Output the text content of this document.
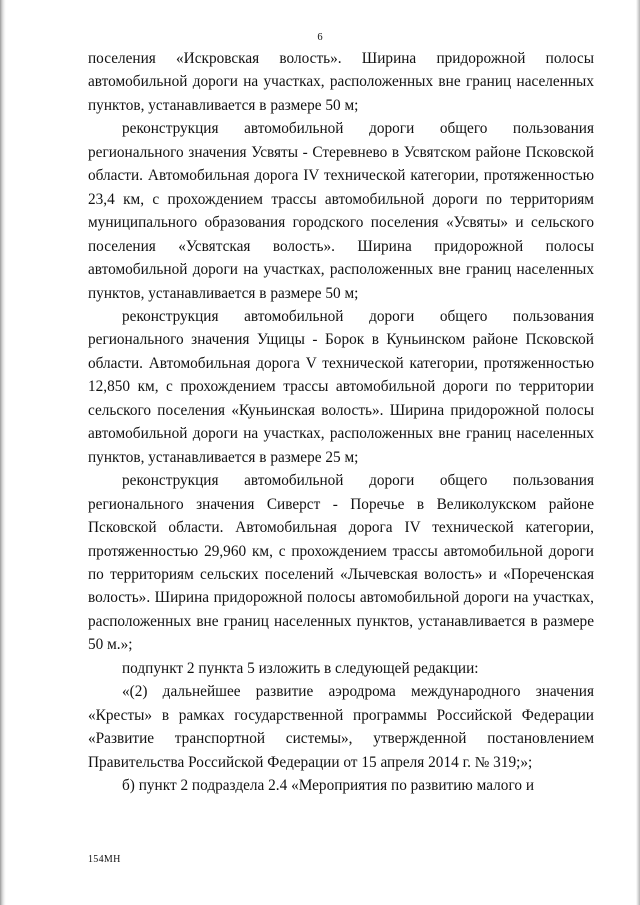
6

поселения «Искровская волость». Ширина придорожной полосы автомобильной дороги на участках, расположенных вне границ населенных пунктов, устанавливается в размере 50 м;

реконструкция автомобильной дороги общего пользования регионального значения Усвяты - Стеревнево в Усвятском районе Псковской области. Автомобильная дорога IV технической категории, протяженностью 23,4 км, с прохождением трассы автомобильной дороги по территориям муниципального образования городского поселения «Усвяты» и сельского поселения «Усвятская волость». Ширина придорожной полосы автомобильной дороги на участках, расположенных вне границ населенных пунктов, устанавливается в размере 50 м;

реконструкция автомобильной дороги общего пользования регионального значения Ущицы - Борок в Куньинском районе Псковской области. Автомобильная дорога V технической категории, протяженностью 12,850 км, с прохождением трассы автомобильной дороги по территории сельского поселения «Куньинская волость». Ширина придорожной полосы автомобильной дороги на участках, расположенных вне границ населенных пунктов, устанавливается в размере 25 м;

реконструкция автомобильной дороги общего пользования регионального значения Сиверст - Поречье в Великолукском районе Псковской области. Автомобильная дорога IV технической категории, протяженностью 29,960 км, с прохождением трассы автомобильной дороги по территориям сельских поселений «Лычевская волость» и «Пореченская волость». Ширина придорожной полосы автомобильной дороги на участках, расположенных вне границ населенных пунктов, устанавливается в размере 50 м.»;

подпункт 2 пункта 5 изложить в следующей редакции:

«(2) дальнейшее развитие аэродрома международного значения «Кресты» в рамках государственной программы Российской Федерации «Развитие транспортной системы», утвержденной постановлением Правительства Российской Федерации от 15 апреля 2014 г. № 319;»;

б) пункт 2 подраздела 2.4 «Мероприятия по развитию малого и

154МН
